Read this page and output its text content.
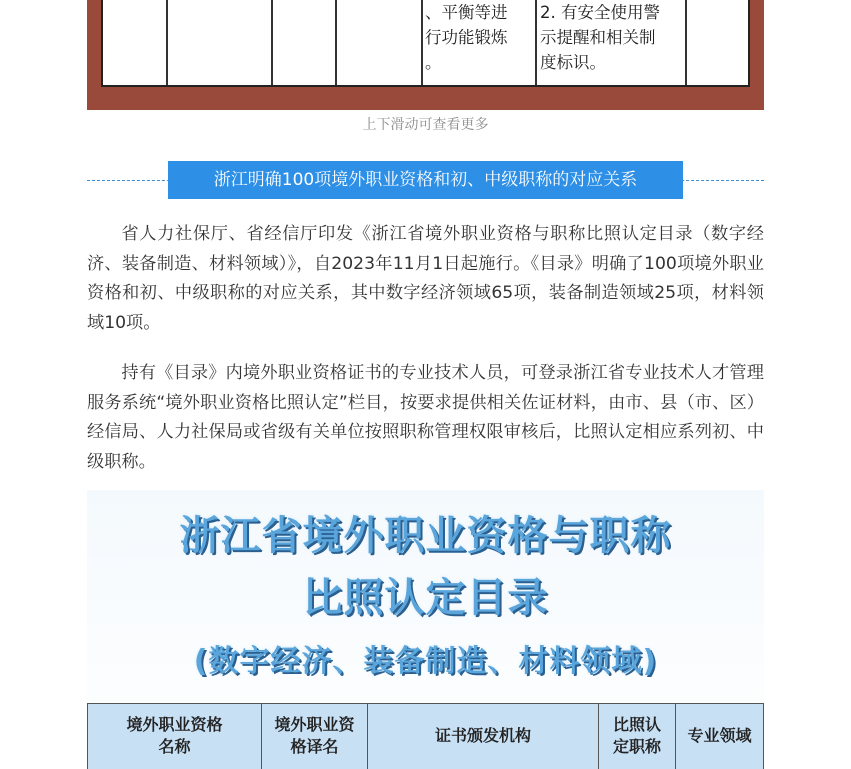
、平衡等进
行功能锻炼
。
2. 有安全使用警
示提醒和相关制
度标识。
上下滑动可查看更多
浙江明确100项境外职业资格和初、中级职称的对应关系

省人力社保厅、省经信厅印发《浙江省境外职业资格与职称比照认定目录（数字经济、装备制造、材料领域）》，自2023年11月1日起施行。《目录》明确了100项境外职业资格和初、中级职称的对应关系，其中数字经济领域65项，装备制造领域25项，材料领域10项。

持有《目录》内境外职业资格证书的专业技术人员，可登录浙江省专业技术人才管理服务系统“境外职业资格比照认定”栏目，按要求提供相关佐证材料，由市、县（市、区）经信局、人力社保局或省级有关单位按照职称管理权限审核后，比照认定相应系列初、中级职称。

浙江省境外职业资格与职称
比照认定目录
(数字经济、装备制造、材料领域)
境外职业资格
名称
境外职业资
格译名
证书颁发机构
比照认
定职称
专业领域
